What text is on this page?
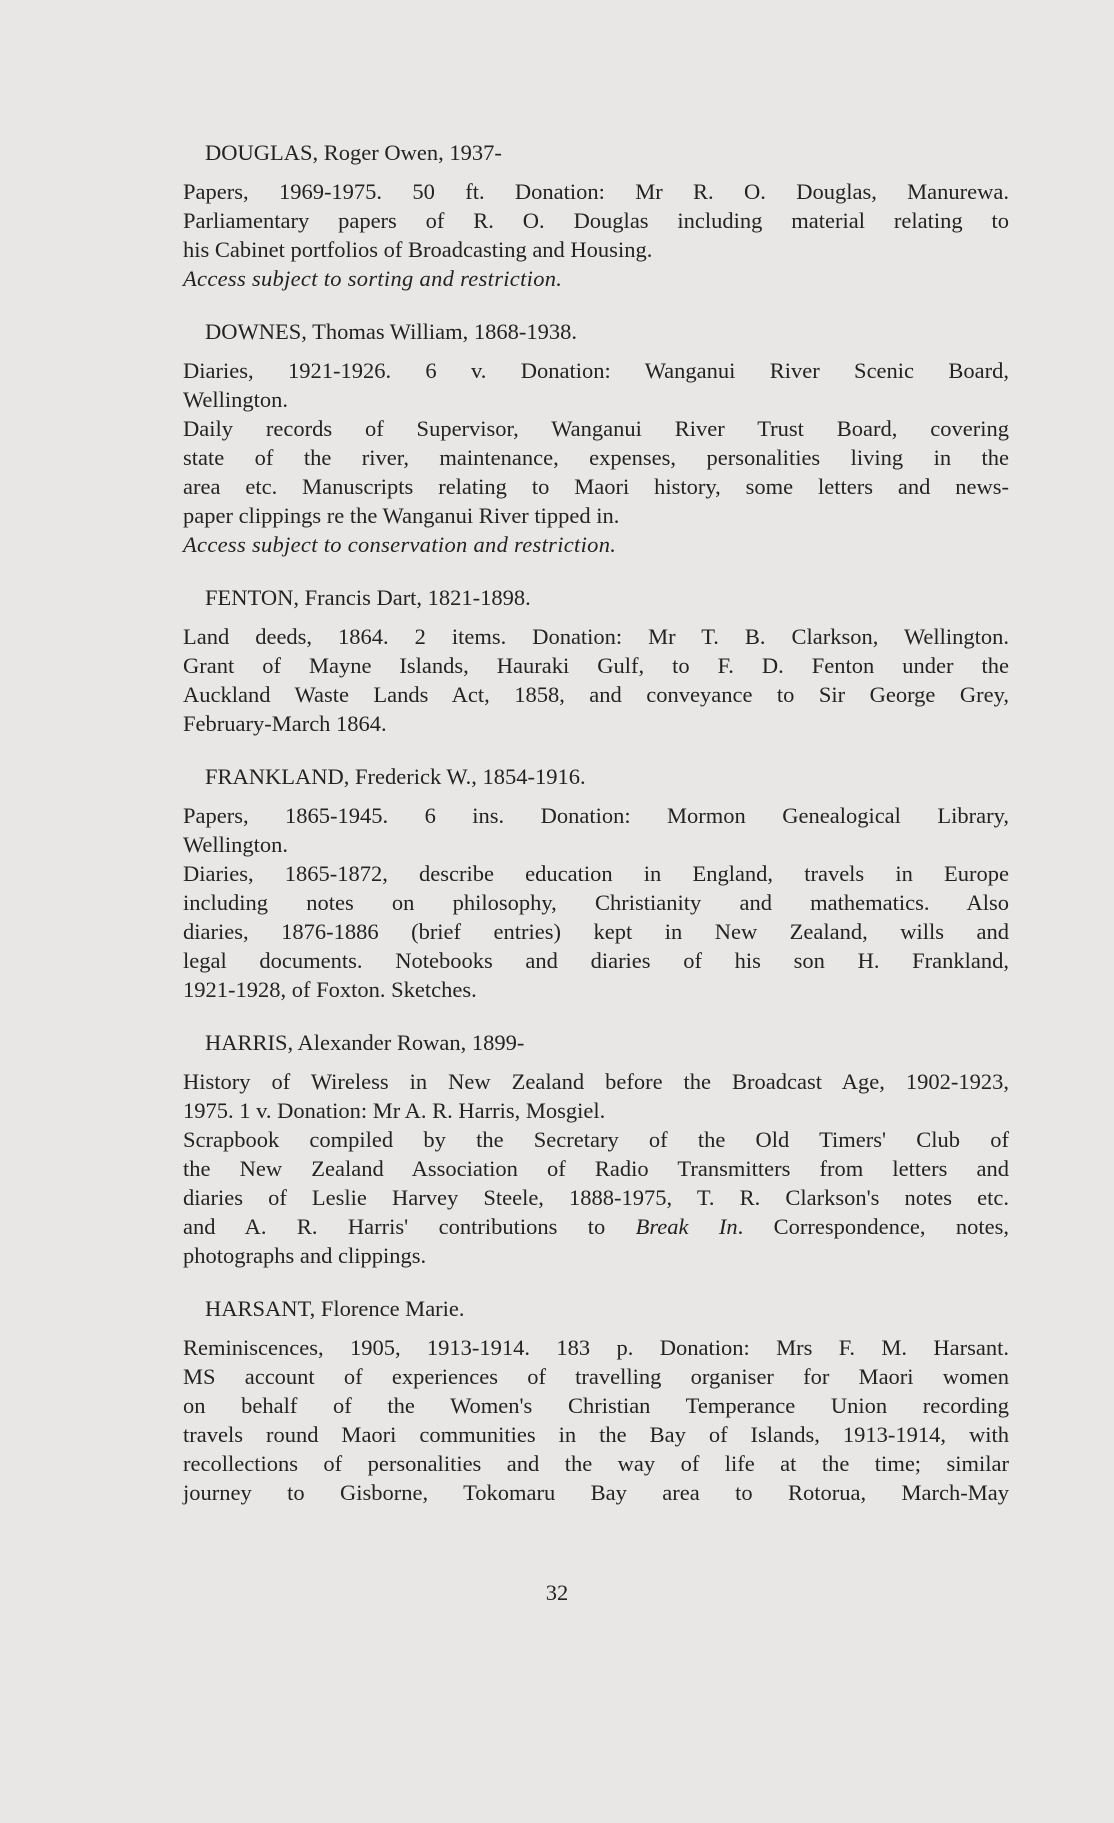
DOUGLAS, Roger Owen, 1937-
Papers, 1969-1975. 50 ft. Donation: Mr R. O. Douglas, Manurewa.
Parliamentary papers of R. O. Douglas including material relating to
his Cabinet portfolios of Broadcasting and Housing.
Access subject to sorting and restriction.
DOWNES, Thomas William, 1868-1938.
Diaries, 1921-1926. 6 v. Donation: Wanganui River Scenic Board,
Wellington.
Daily records of Supervisor, Wanganui River Trust Board, covering
state of the river, maintenance, expenses, personalities living in the
area etc. Manuscripts relating to Maori history, some letters and news-
paper clippings re the Wanganui River tipped in.
Access subject to conservation and restriction.
FENTON, Francis Dart, 1821-1898.
Land deeds, 1864. 2 items. Donation: Mr T. B. Clarkson, Wellington.
Grant of Mayne Islands, Hauraki Gulf, to F. D. Fenton under the
Auckland Waste Lands Act, 1858, and conveyance to Sir George Grey,
February-March 1864.
FRANKLAND, Frederick W., 1854-1916.
Papers, 1865-1945. 6 ins. Donation: Mormon Genealogical Library,
Wellington.
Diaries, 1865-1872, describe education in England, travels in Europe
including notes on philosophy, Christianity and mathematics. Also
diaries, 1876-1886 (brief entries) kept in New Zealand, wills and
legal documents. Notebooks and diaries of his son H. Frankland,
1921-1928, of Foxton. Sketches.
HARRIS, Alexander Rowan, 1899-
History of Wireless in New Zealand before the Broadcast Age, 1902-1923,
1975. 1 v. Donation: Mr A. R. Harris, Mosgiel.
Scrapbook compiled by the Secretary of the Old Timers' Club of
the New Zealand Association of Radio Transmitters from letters and
diaries of Leslie Harvey Steele, 1888-1975, T. R. Clarkson's notes etc.
and A. R. Harris' contributions to Break In. Correspondence, notes,
photographs and clippings.
HARSANT, Florence Marie.
Reminiscences, 1905, 1913-1914. 183 p. Donation: Mrs F. M. Harsant.
MS account of experiences of travelling organiser for Maori women
on behalf of the Women's Christian Temperance Union recording
travels round Maori communities in the Bay of Islands, 1913-1914, with
recollections of personalities and the way of life at the time; similar
journey to Gisborne, Tokomaru Bay area to Rotorua, March-May
32
